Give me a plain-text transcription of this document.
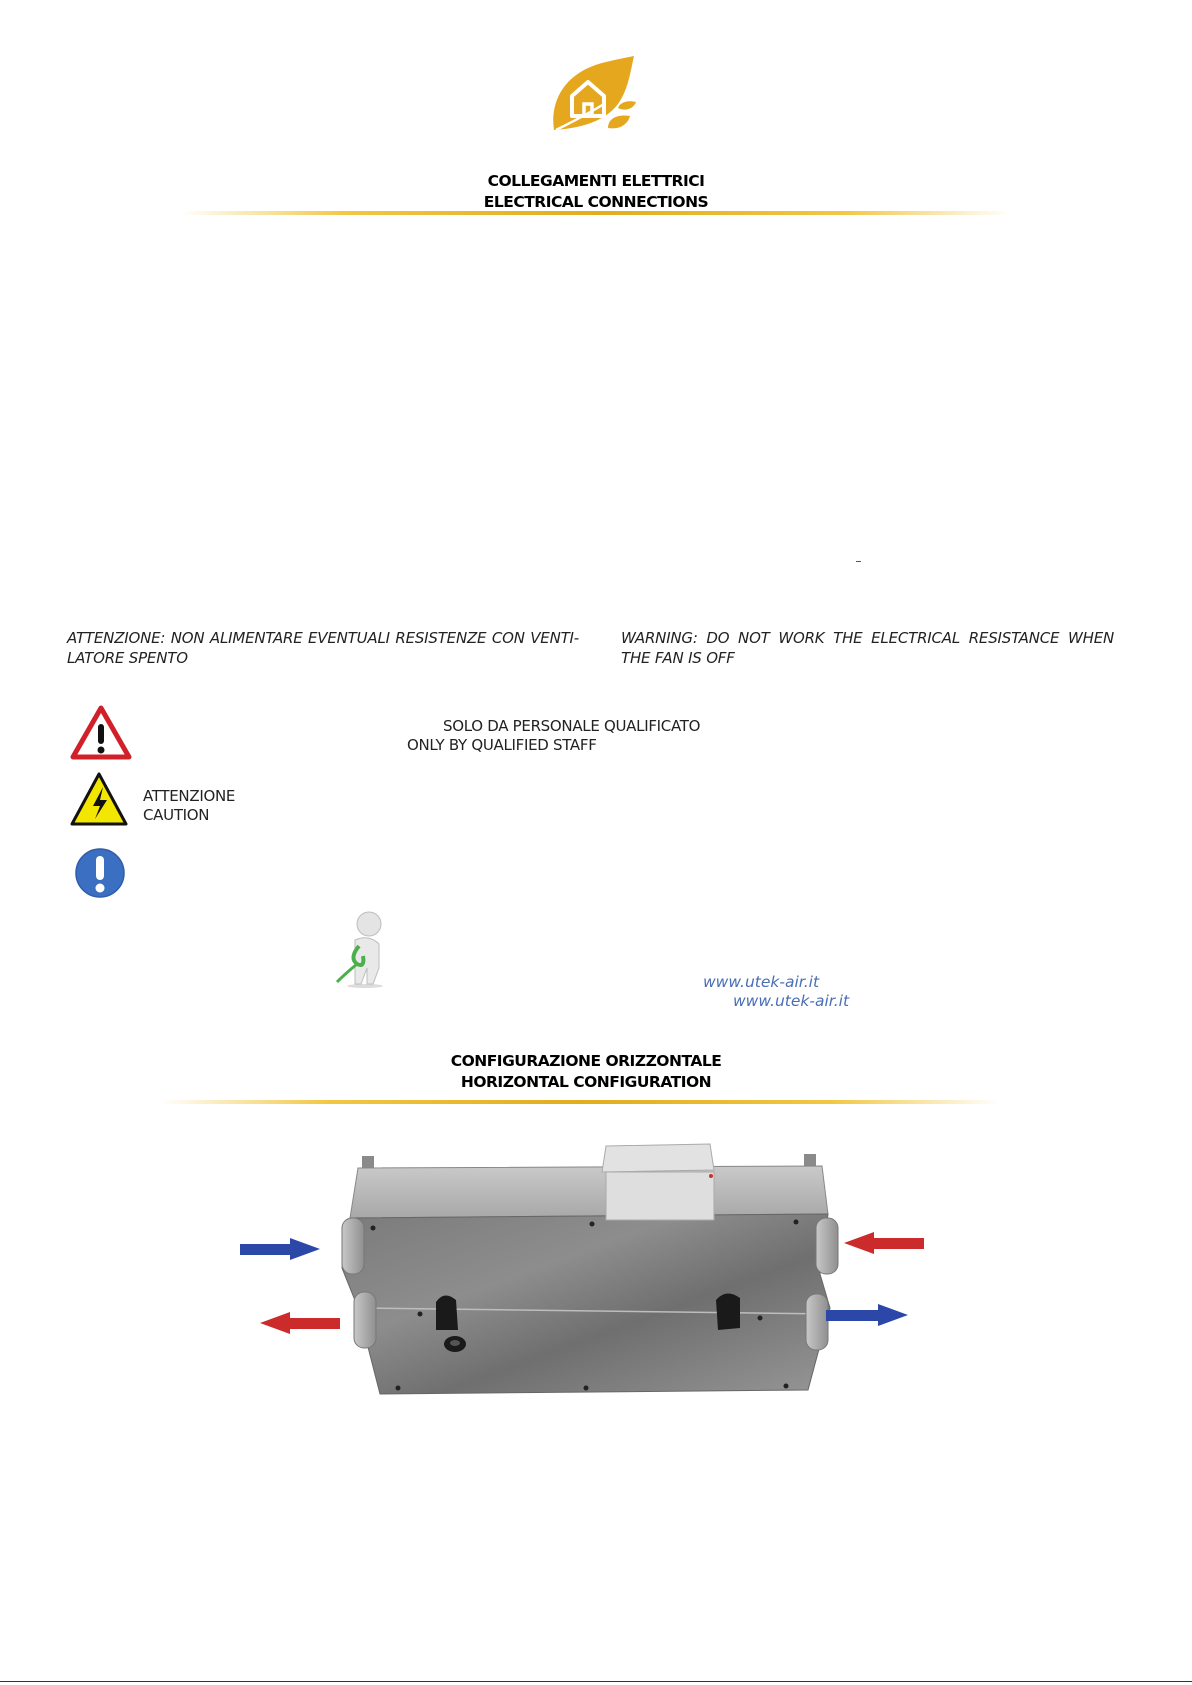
COLLEGAMENTI ELETTRICI
ELECTRICAL CONNECTIONS
ATTENZIONE: NON ALIMENTARE EVENTUALI RESISTENZE CON VENTI-LATORE SPENTO
WARNING: DO NOT WORK THE ELECTRICAL RESISTANCE WHEN THE FAN IS OFF
SOLO DA PERSONALE QUALIFICATO
ONLY BY QUALIFIED STAFF
ATTENZIONE
CAUTION
www.utek-air.it
www.utek-air.it
CONFIGURAZIONE ORIZZONTALE
HORIZONTAL CONFIGURATION
